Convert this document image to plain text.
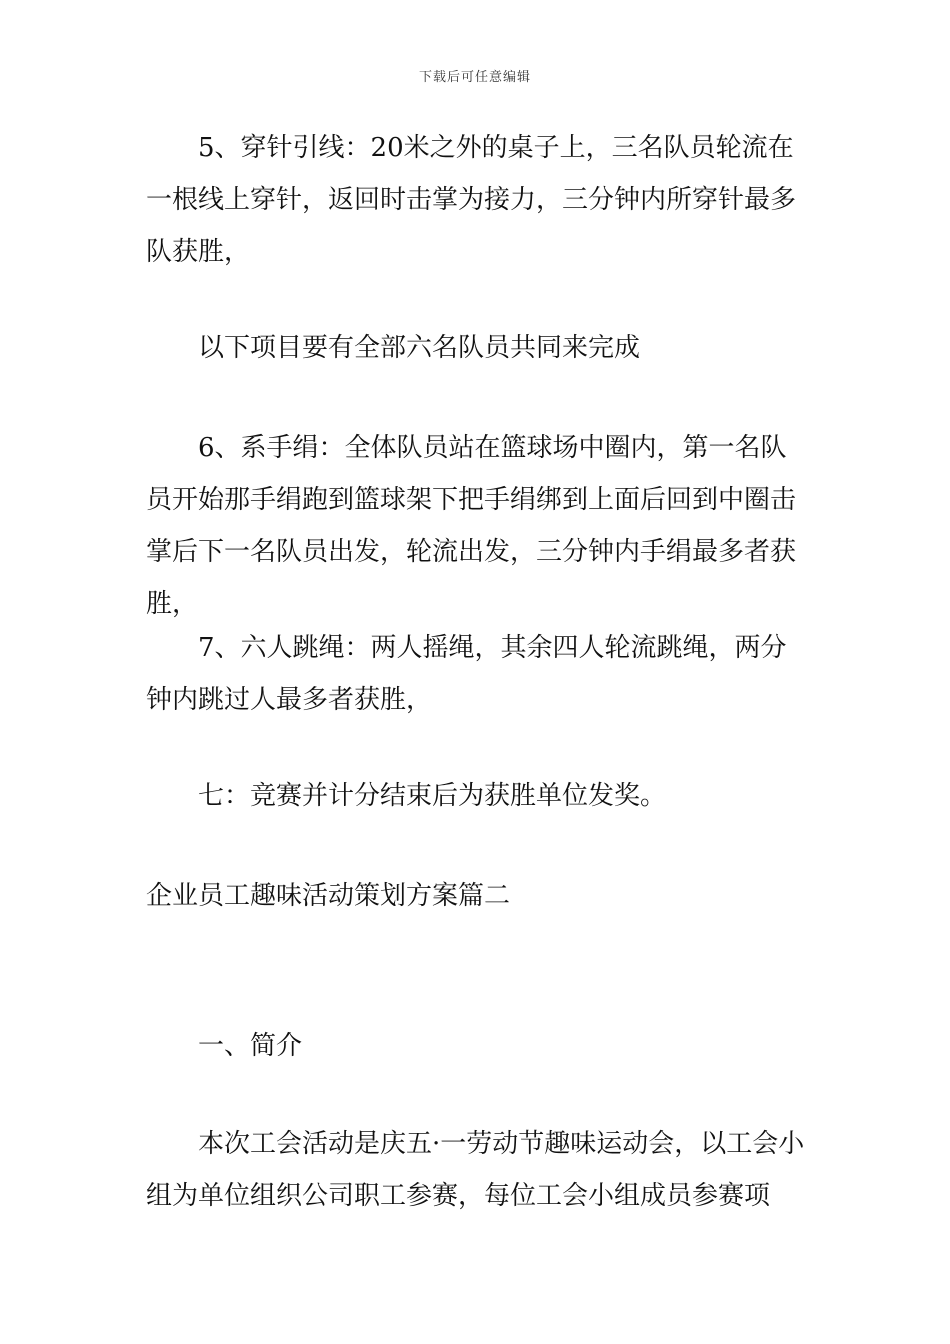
下载后可任意编辑

5、穿针引线：20米之外的桌子上，三名队员轮流在一根线上穿针，返回时击掌为接力，三分钟内所穿针最多队获胜，

以下项目要有全部六名队员共同来完成

6、系手绢：全体队员站在篮球场中圈内，第一名队员开始那手绢跑到篮球架下把手绢绑到上面后回到中圈击掌后下一名队员出发，轮流出发，三分钟内手绢最多者获胜，

7、六人跳绳：两人摇绳，其余四人轮流跳绳，两分钟内跳过人最多者获胜，

七：竞赛并计分结束后为获胜单位发奖。

企业员工趣味活动策划方案篇二

一、简介

本次工会活动是庆五·一劳动节趣味运动会，以工会小组为单位组织公司职工参赛，每位工会小组成员参赛项
